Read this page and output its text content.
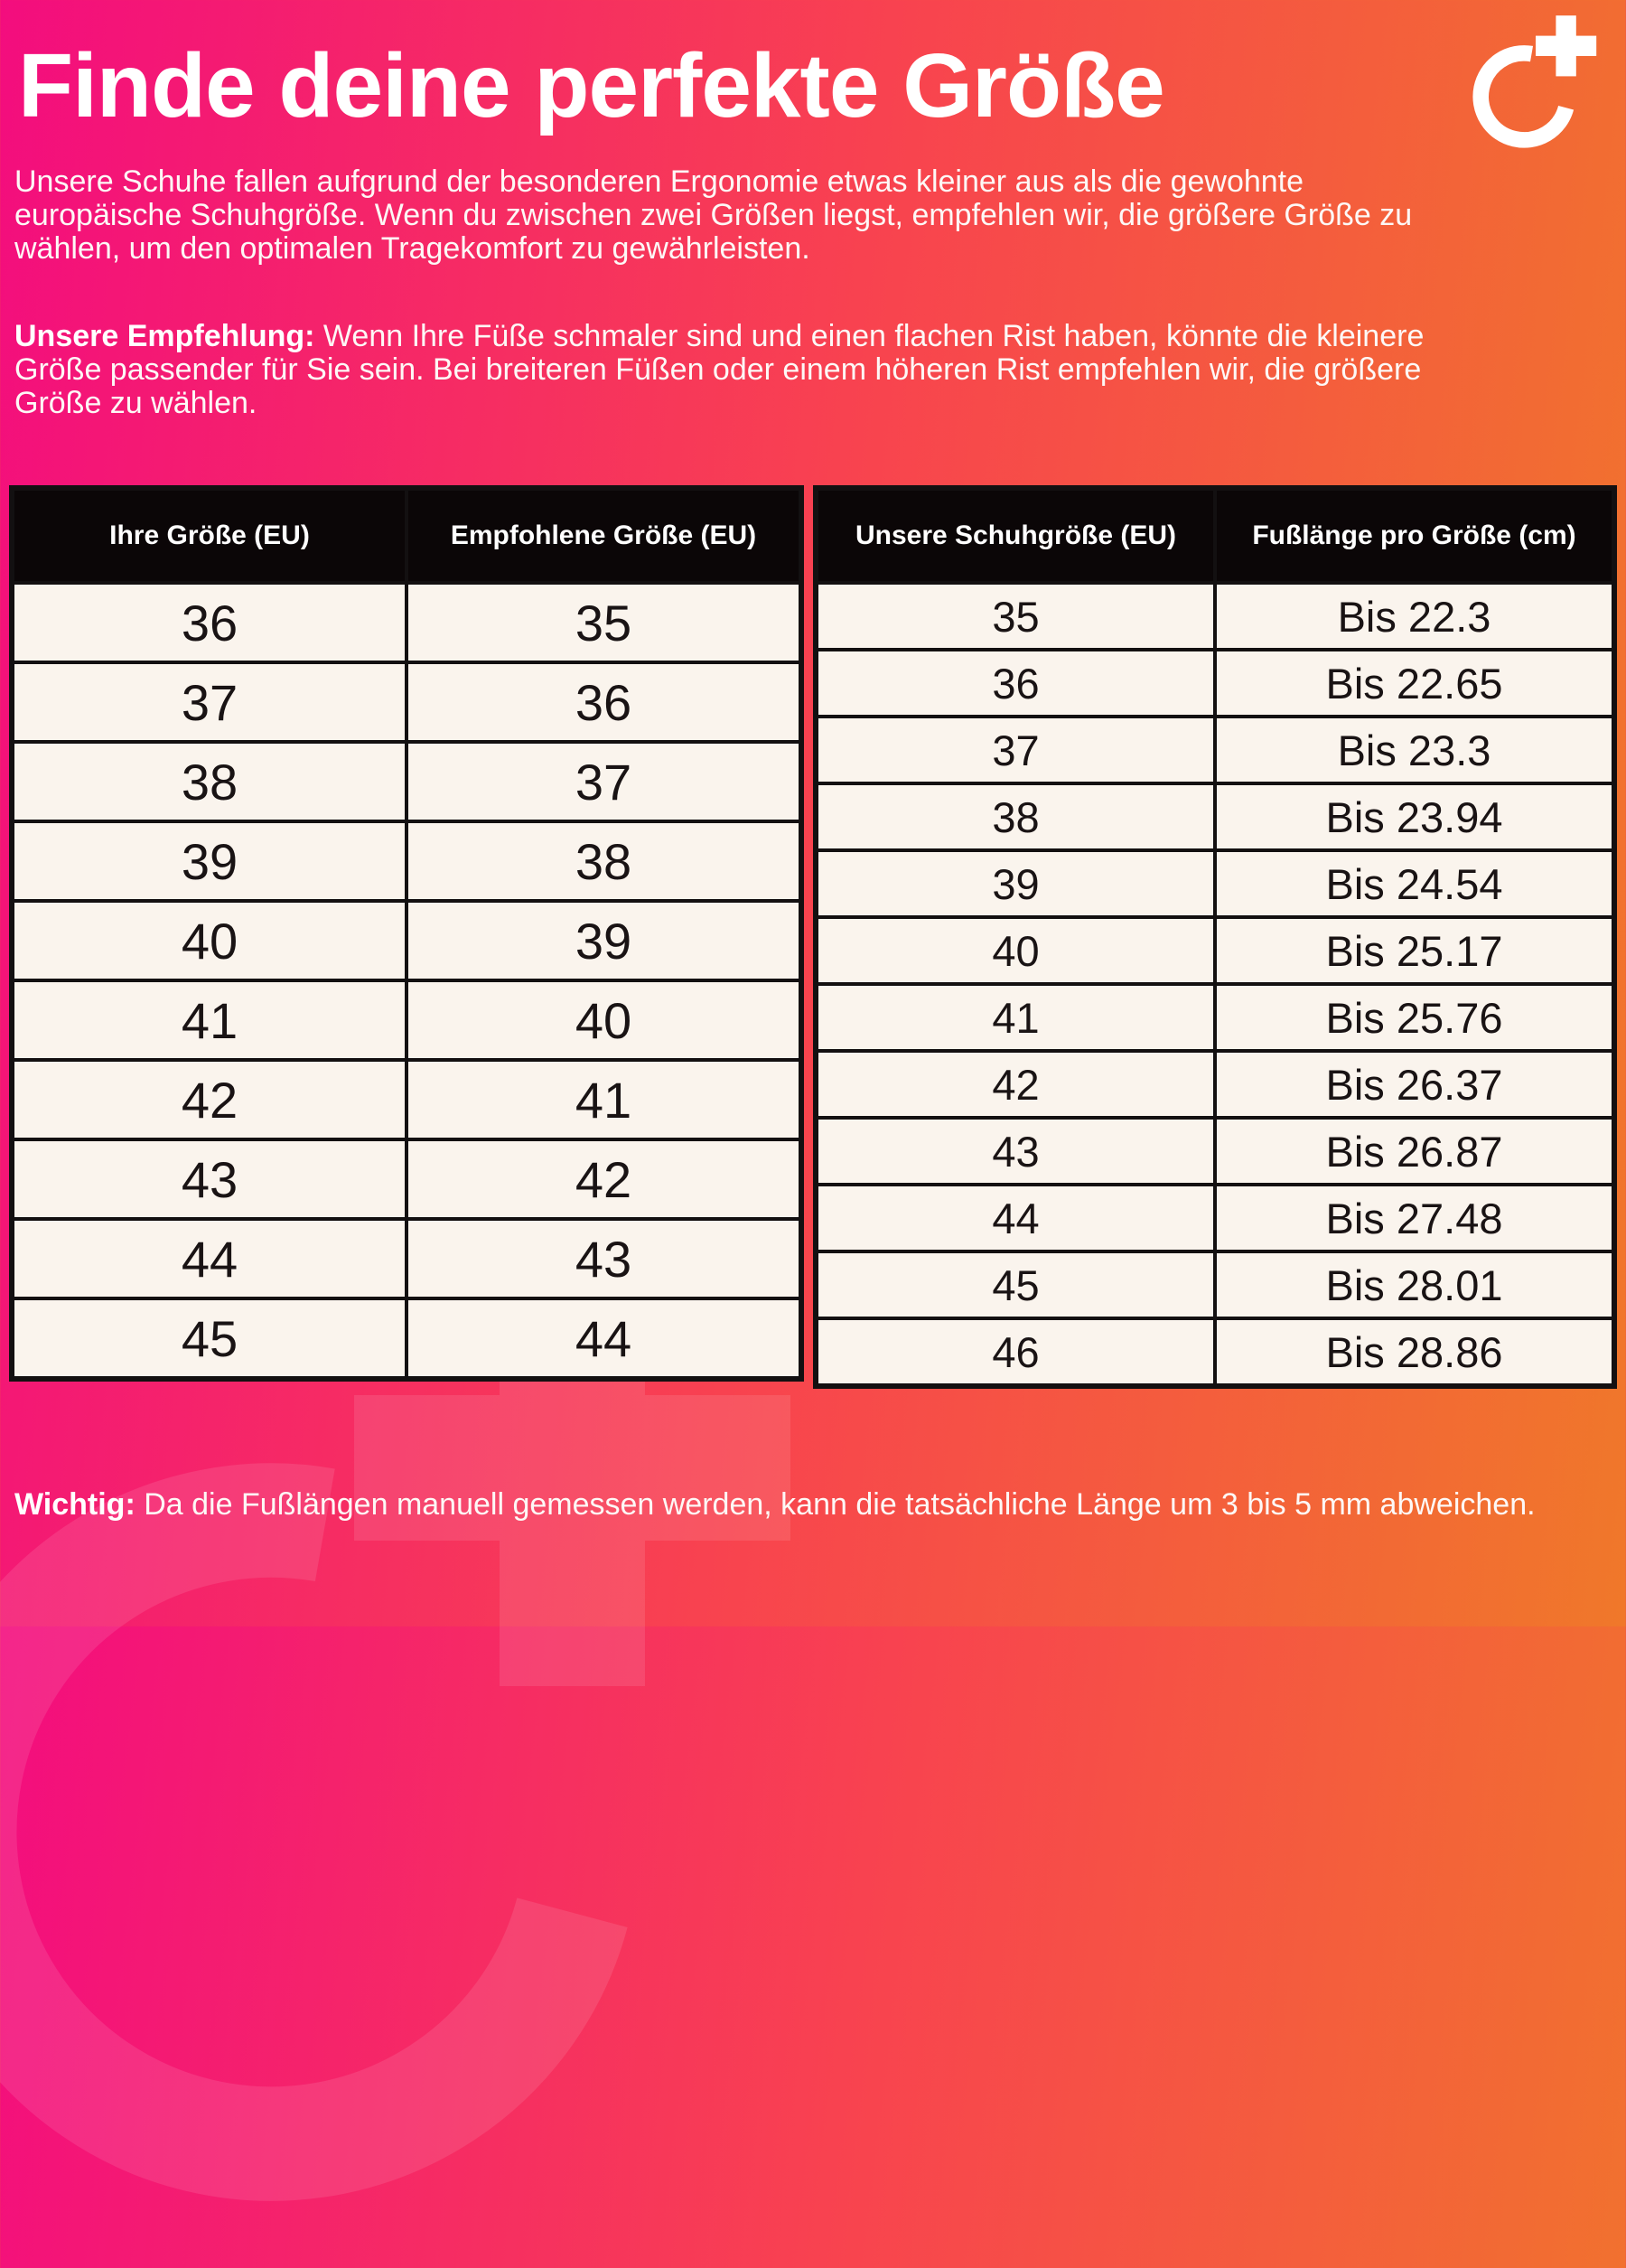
Finde deine perfekte Größe

Unsere Schuhe fallen aufgrund der besonderen Ergonomie etwas kleiner aus als die gewohnte europäische Schuhgröße. Wenn du zwischen zwei Größen liegst, empfehlen wir, die größere Größe zu wählen, um den optimalen Tragekomfort zu gewährleisten.

Unsere Empfehlung: Wenn Ihre Füße schmaler sind und einen flachen Rist haben, könnte die kleinere Größe passender für Sie sein. Bei breiteren Füßen oder einem höheren Rist empfehlen wir, die größere Größe zu wählen.

Ihre Größe (EU)	Empfohlene Größe (EU)
36	35
37	36
38	37
39	38
40	39
41	40
42	41
43	42
44	43
45	44
Unsere Schuhgröße (EU)	Fußlänge pro Größe (cm)
35	Bis 22.3
36	Bis 22.65
37	Bis 23.3
38	Bis 23.94
39	Bis 24.54
40	Bis 25.17
41	Bis 25.76
42	Bis 26.37
43	Bis 26.87
44	Bis 27.48
45	Bis 28.01
46	Bis 28.86

Wichtig: Da die Fußlängen manuell gemessen werden, kann die tatsächliche Länge um 3 bis 5 mm abweichen.
